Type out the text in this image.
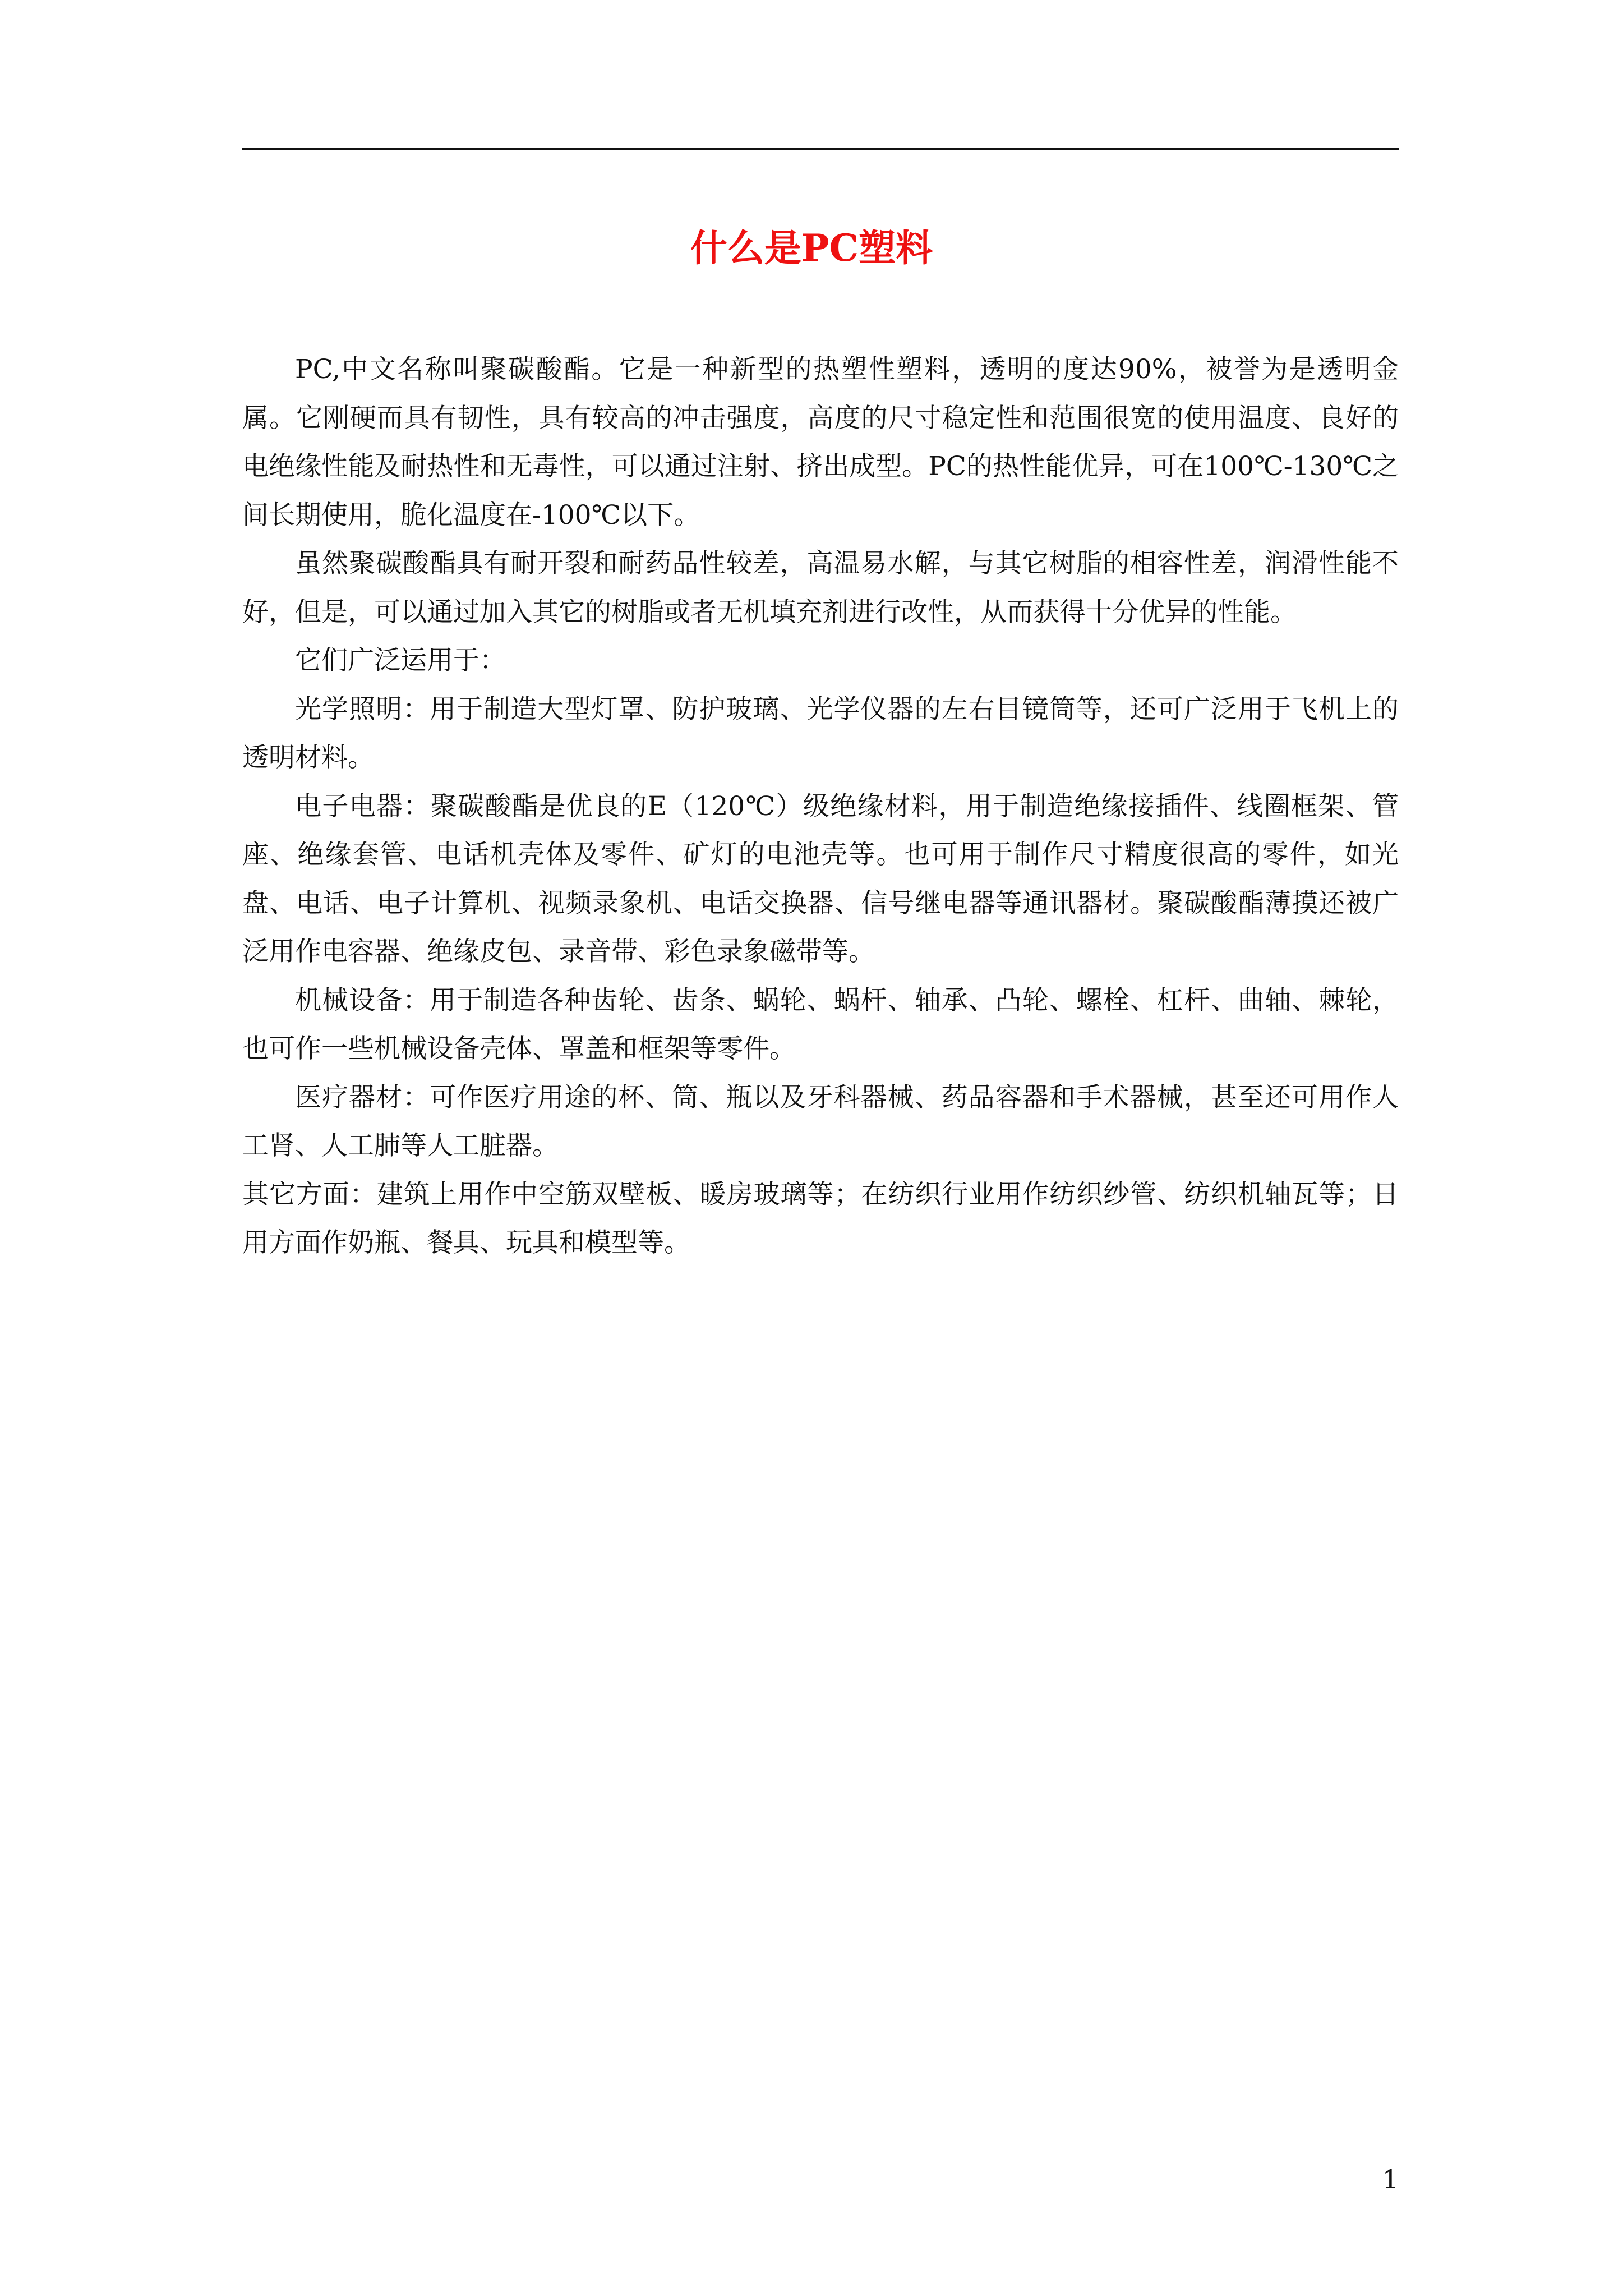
什么是PC塑料

PC,中文名称叫聚碳酸酯。它是一种新型的热塑性塑料，透明的度达90%，被誉为是透明金属。它刚硬而具有韧性，具有较高的冲击强度，高度的尺寸稳定性和范围很宽的使用温度、良好的电绝缘性能及耐热性和无毒性，可以通过注射、挤出成型。PC的热性能优异，可在100℃-130℃之间长期使用，脆化温度在-100℃以下。

虽然聚碳酸酯具有耐开裂和耐药品性较差，高温易水解，与其它树脂的相容性差，润滑性能不好，但是，可以通过加入其它的树脂或者无机填充剂进行改性，从而获得十分优异的性能。

它们广泛运用于：

光学照明：用于制造大型灯罩、防护玻璃、光学仪器的左右目镜筒等，还可广泛用于飞机上的透明材料。

电子电器：聚碳酸酯是优良的E（120℃）级绝缘材料，用于制造绝缘接插件、线圈框架、管座、绝缘套管、电话机壳体及零件、矿灯的电池壳等。也可用于制作尺寸精度很高的零件，如光盘、电话、电子计算机、视频录象机、电话交换器、信号继电器等通讯器材。聚碳酸酯薄摸还被广泛用作电容器、绝缘皮包、录音带、彩色录象磁带等。

机械设备：用于制造各种齿轮、齿条、蜗轮、蜗杆、轴承、凸轮、螺栓、杠杆、曲轴、棘轮，也可作一些机械设备壳体、罩盖和框架等零件。

医疗器材：可作医疗用途的杯、筒、瓶以及牙科器械、药品容器和手术器械，甚至还可用作人工肾、人工肺等人工脏器。

其它方面：建筑上用作中空筋双壁板、暖房玻璃等；在纺织行业用作纺织纱管、纺织机轴瓦等；日用方面作奶瓶、餐具、玩具和模型等。

1
